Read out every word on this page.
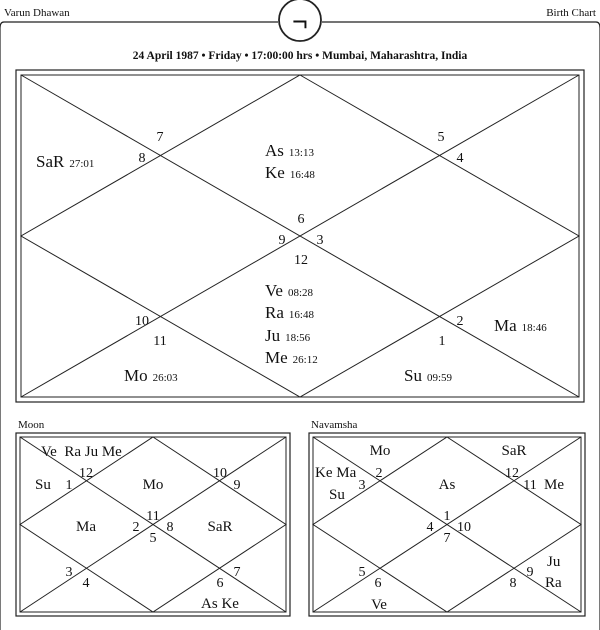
Varun Dhawan	Birth Chart
¬
24 April 1987 • Friday • 17:00:00 hrs • Mumbai, Maharashtra, India
6
5
4
3
2
1
12
11
10
9
8
7
As 13:13
Ke 16:48
SaR 27:01
Ma 18:46
Ve 08:28
Ra 16:48
Ju 18:56
Me 26:12
Mo 26:03	Su 09:59
Moon
11
10
9
8
7
6
5
4
3
2
1
12
Ve  Ra Ju Me
Su	Mo
Ma	SaR
As Ke
Navamsha
1
12
11
10
9
8
7
6
5
4
3
2
Mo	SaR
Ke Ma
Su
As	Me
Ju
Ra
Ve
